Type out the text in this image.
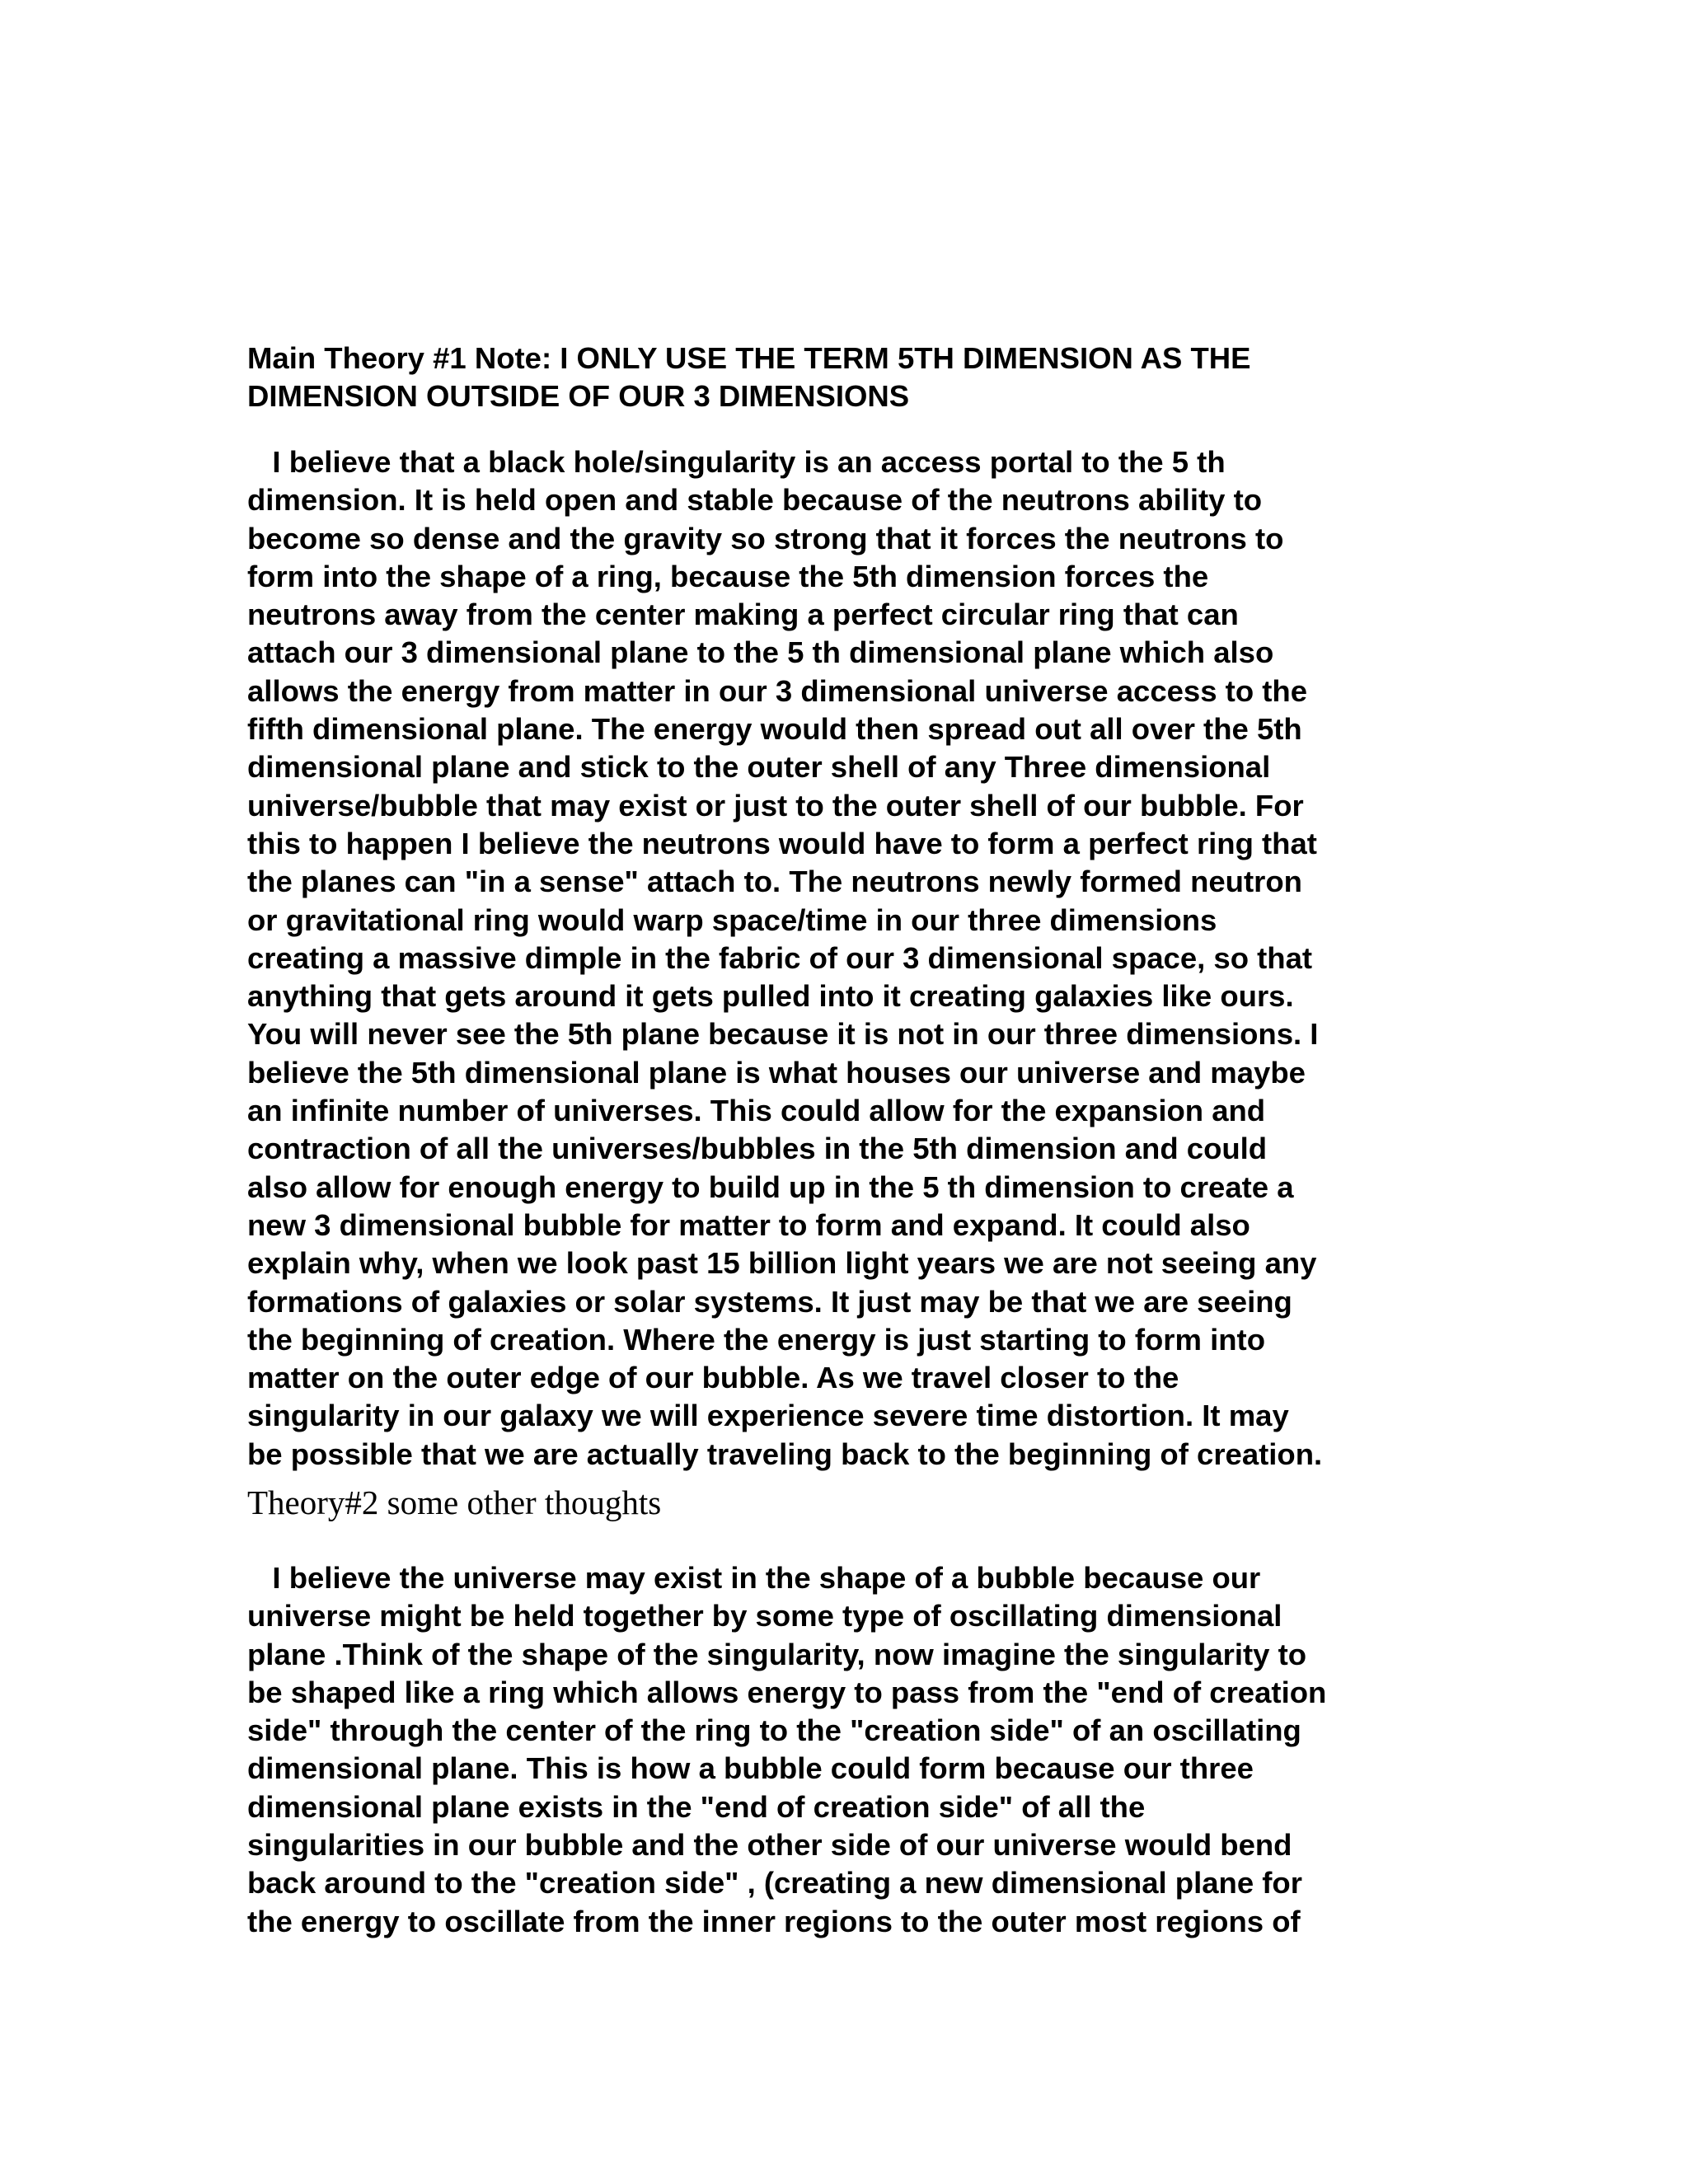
Main Theory #1 Note: I ONLY USE THE TERM 5TH DIMENSION AS THE
DIMENSION OUTSIDE OF OUR 3 DIMENSIONS
I believe that a black hole/singularity is an access portal to the 5 th
dimension. It is held open and stable because of the neutrons ability to
become so dense and the gravity so strong that it forces the neutrons to
form into the shape of a ring, because the 5th dimension forces the
neutrons away from the center making a perfect circular ring that can
attach our 3 dimensional plane to the 5 th dimensional plane which also
allows the energy from matter in our 3 dimensional universe access to the
fifth dimensional plane. The energy would then spread out all over the 5th
dimensional plane and stick to the outer shell of any Three dimensional
universe/bubble that may exist or just to the outer shell of our bubble. For
this to happen I believe the neutrons would have to form a perfect ring that
the planes can "in a sense" attach to. The neutrons newly formed neutron
or gravitational ring would warp space/time in our three dimensions
creating a massive dimple in the fabric of our 3 dimensional space, so that
anything that gets around it gets pulled into it creating galaxies like ours.
You will never see the 5th plane because it is not in our three dimensions. I
believe the 5th dimensional plane is what houses our universe and maybe
an infinite number of universes. This could allow for the expansion and
contraction of all the universes/bubbles in the 5th dimension and could
also allow for enough energy to build up in the 5 th dimension to create a
new 3 dimensional bubble for matter to form and expand. It could also
explain why, when we look past 15 billion light years we are not seeing any
formations of galaxies or solar systems. It just may be that we are seeing
the beginning of creation. Where the energy is just starting to form into
matter on the outer edge of our bubble. As we travel closer to the
singularity in our galaxy we will experience severe time distortion. It may
be possible that we are actually traveling back to the beginning of creation.
Theory#2 some other thoughts
I believe the universe may exist in the shape of a bubble because our
universe might be held together by some type of oscillating dimensional
plane .Think of the shape of the singularity, now imagine the singularity to
be shaped like a ring which allows energy to pass from the "end of creation
side" through the center of the ring to the "creation side" of an oscillating
dimensional plane. This is how a bubble could form because our three
dimensional plane exists in the "end of creation side" of all the
singularities in our bubble and the other side of our universe would bend
back around to the "creation side" , (creating a new dimensional plane for
the energy to oscillate from the inner regions to the outer most regions of
